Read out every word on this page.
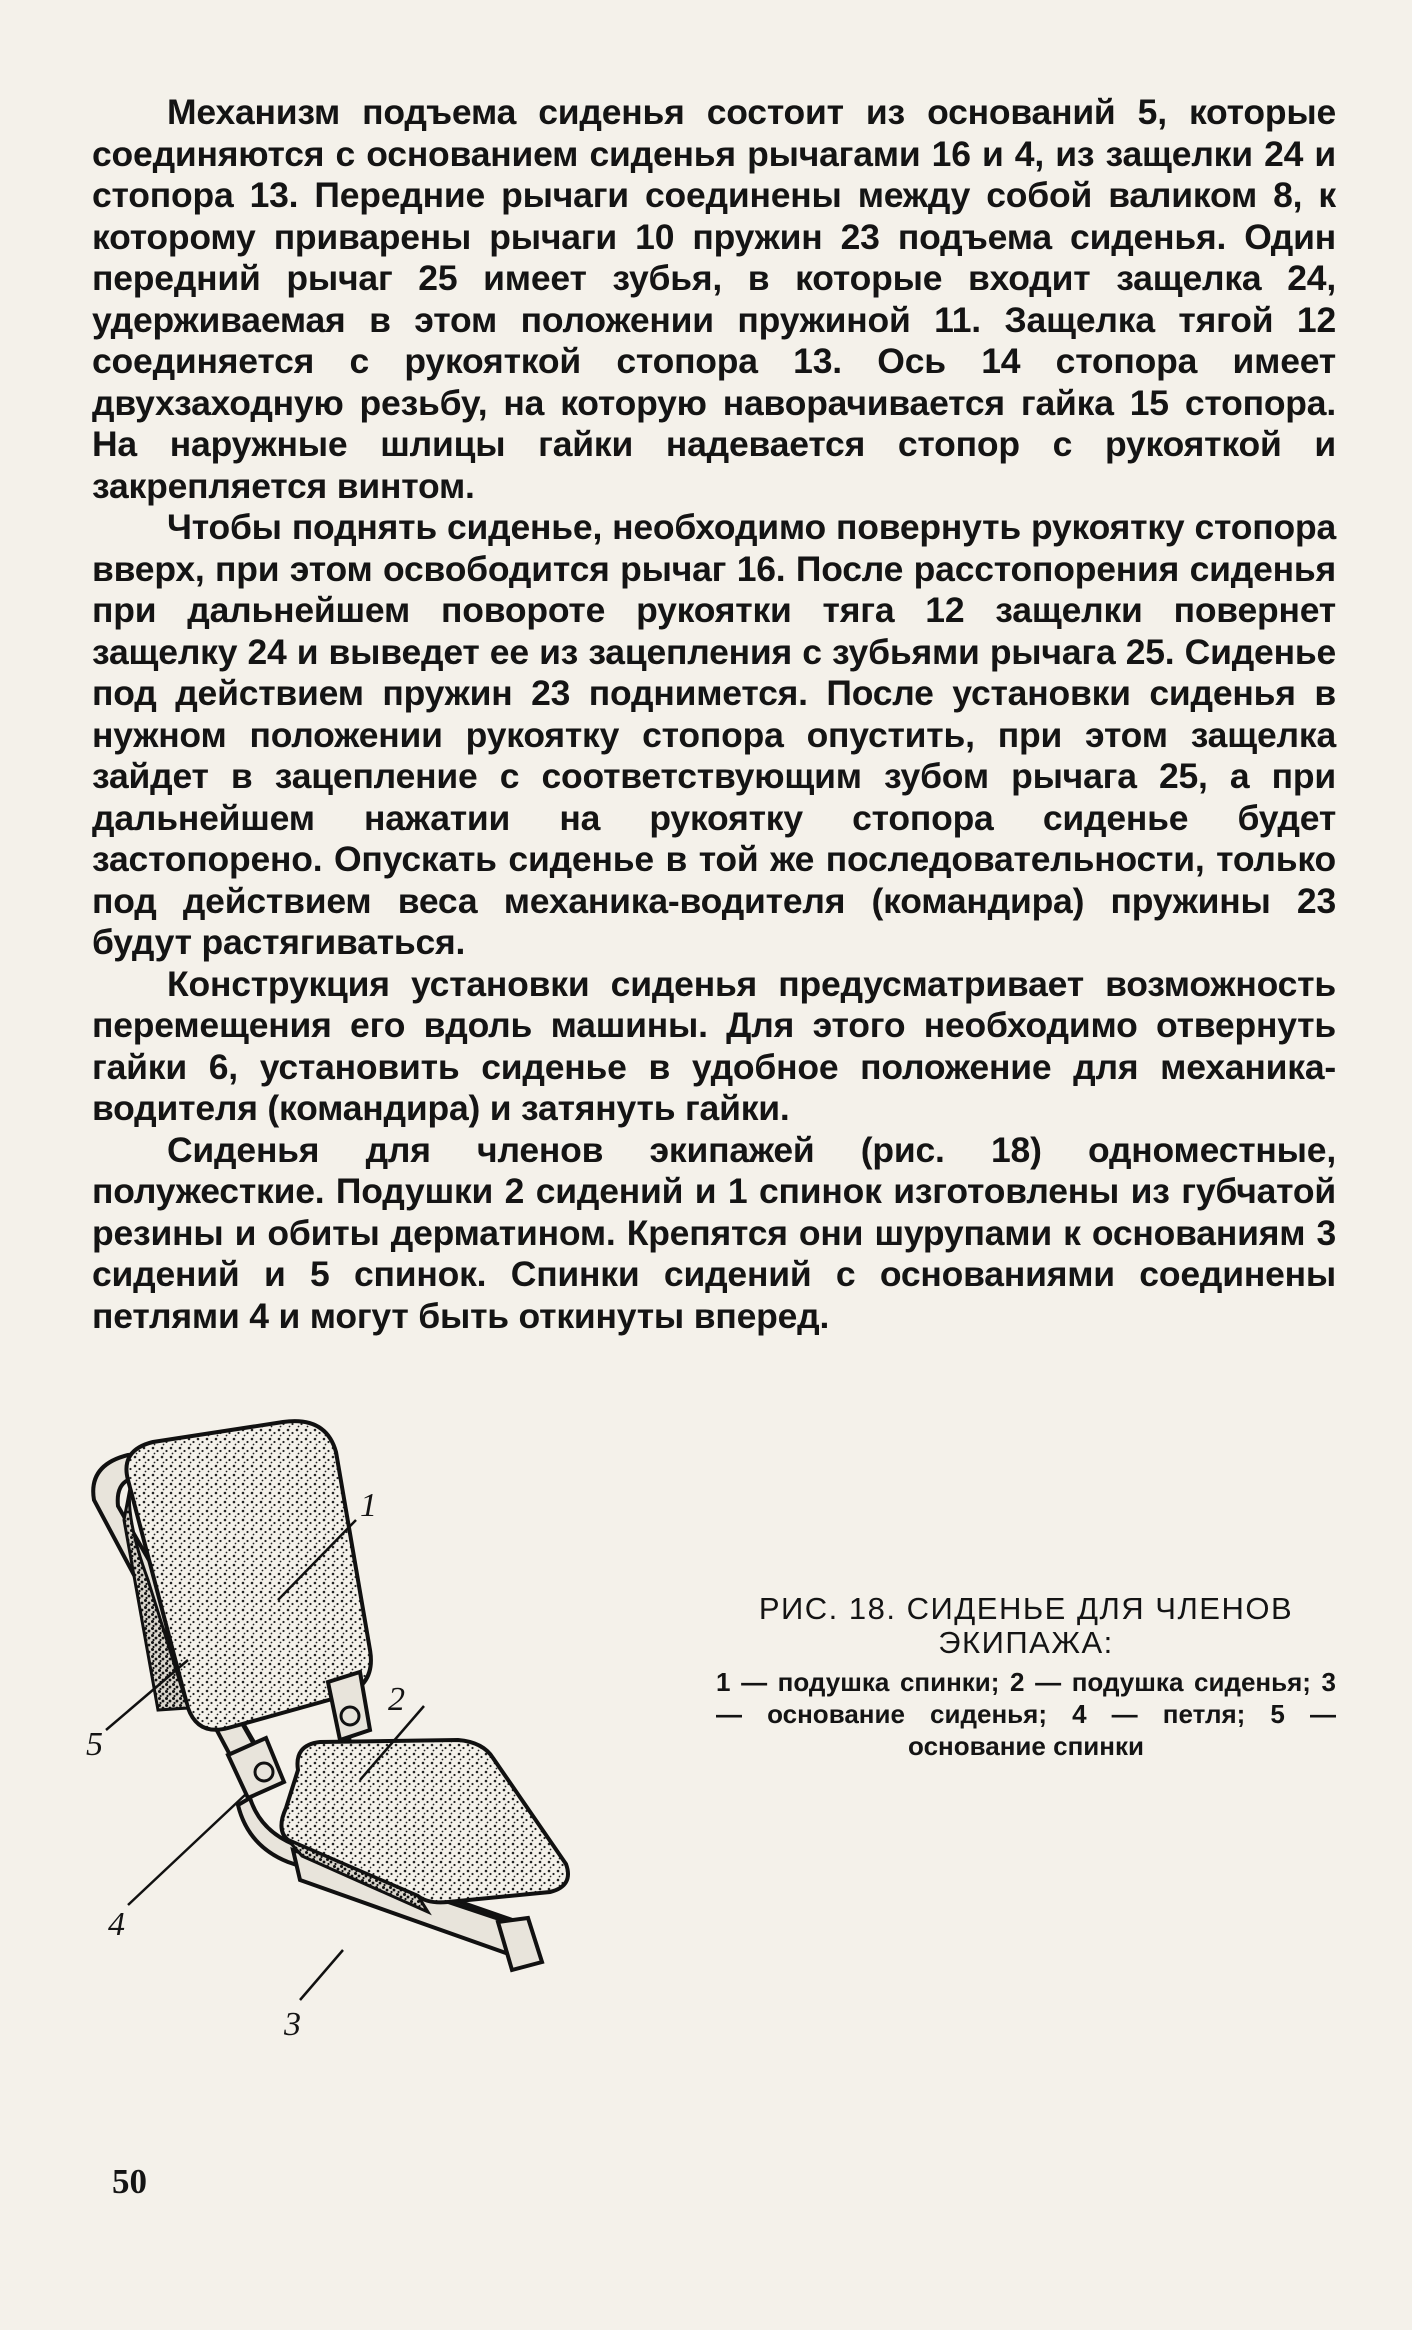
Механизм подъема сиденья состоит из оснований 5, которые соединяются с основанием сиденья рычагами 16 и 4, из защелки 24 и стопора 13. Передние рычаги соединены между собой валиком 8, к которому приварены рычаги 10 пружин 23 подъема сиденья. Один передний рычаг 25 имеет зубья, в которые входит защелка 24, удерживаемая в этом положении пружиной 11. Защелка тягой 12 соединяется с рукояткой стопора 13. Ось 14 стопора имеет двухзаходную резьбу, на которую наворачивается гайка 15 стопора. На наружные шлицы гайки надевается стопор с рукояткой и закрепляется винтом.

Чтобы поднять сиденье, необходимо повернуть рукоятку стопора вверх, при этом освободится рычаг 16. После расстопорения сиденья при дальнейшем повороте рукоятки тяга 12 защелки повернет защелку 24 и выведет ее из зацепления с зубьями рычага 25. Сиденье под действием пружин 23 поднимется. После установки сиденья в нужном положении рукоятку стопора опустить, при этом защелка зайдет в зацепление с соответствующим зубом рычага 25, а при дальнейшем нажатии на рукоятку стопора сиденье будет застопорено. Опускать сиденье в той же последовательности, только под действием веса механика-водителя (командира) пружины 23 будут растягиваться.

Конструкция установки сиденья предусматривает возможность перемещения его вдоль машины. Для этого необходимо отвернуть гайки 6, установить сиденье в удобное положение для механика-водителя (командира) и затянуть гайки.

Сиденья для членов экипажей (рис. 18) одноместные, полужесткие. Подушки 2 сидений и 1 спинок изготовлены из губчатой резины и обиты дерматином. Крепятся они шурупами к основаниям 3 сидений и 5 спинок. Спинки сидений с основаниями соединены петлями 4 и могут быть откинуты вперед.

1
2
3
4
5
РИС. 18. СИДЕНЬЕ ДЛЯ ЧЛЕНОВ ЭКИПАЖА:
1 — подушка спинки; 2 — подушка сиденья; 3 — основание сиденья; 4 — петля; 5 — основание спинки
50
